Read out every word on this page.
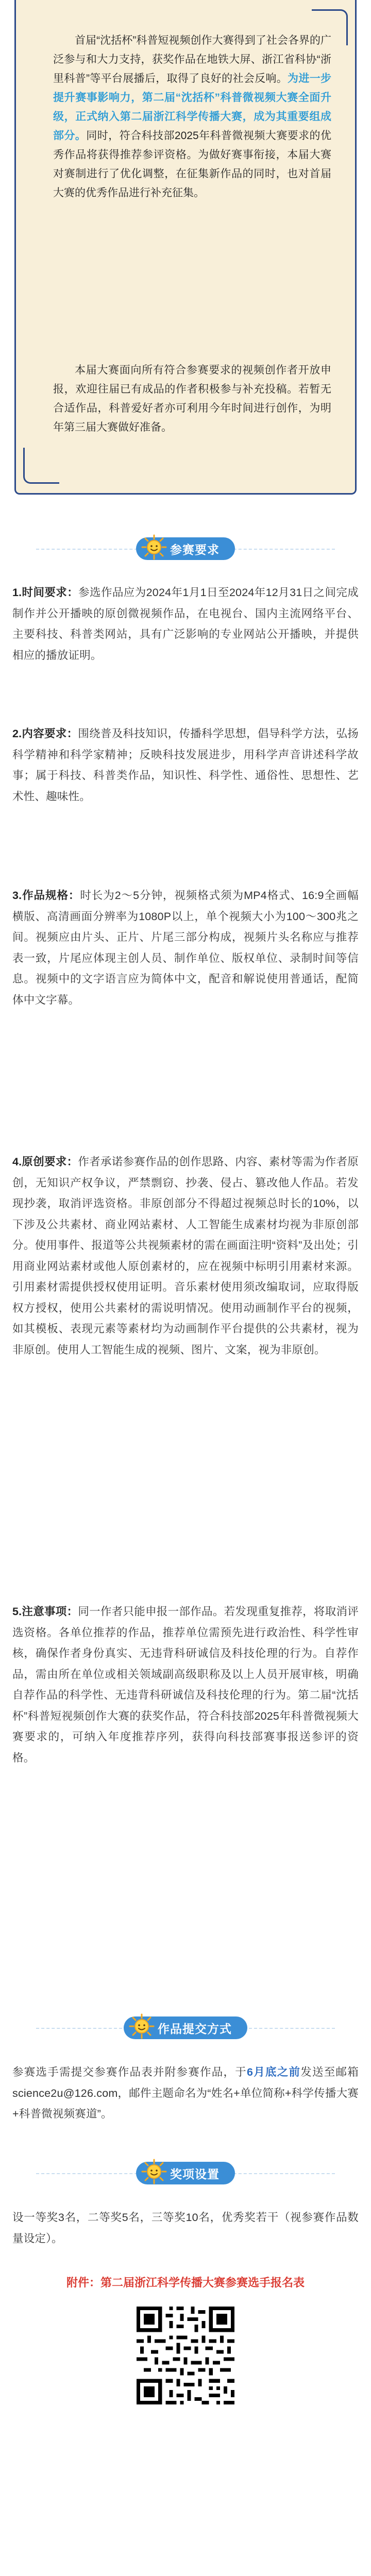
首届“沈括杯”科普短视频创作大赛得到了社会各界的广泛参与和大力支持，获奖作品在地铁大屏、浙江省科协“浙里科普”等平台展播后，取得了良好的社会反响。为进一步提升赛事影响力，第二届“沈括杯”科普微视频大赛全面升级，正式纳入第二届浙江科学传播大赛，成为其重要组成部分。同时，符合科技部2025年科普微视频大赛要求的优秀作品将获得推荐参评资格。为做好赛事衔接，本届大赛对赛制进行了优化调整，在征集新作品的同时，也对首届大赛的优秀作品进行补充征集。

本届大赛面向所有符合参赛要求的视频创作者开放申报，欢迎往届已有成品的作者积极参与补充投稿。若暂无合适作品，科普爱好者亦可利用今年时间进行创作，为明年第三届大赛做好准备。

参赛要求

1.时间要求：参选作品应为2024年1月1日至2024年12月31日之间完成制作并公开播映的原创微视频作品，在电视台、国内主流网络平台、主要科技、科普类网站，具有广泛影响的专业网站公开播映，并提供相应的播放证明。

2.内容要求：围绕普及科技知识，传播科学思想，倡导科学方法，弘扬科学精神和科学家精神；反映科技发展进步，用科学声音讲述科学故事；属于科技、科普类作品，知识性、科学性、通俗性、思想性、艺术性、趣味性。

3.作品规格：时长为2～5分钟，视频格式须为MP4格式、16:9全画幅横版、高清画面分辨率为1080P以上，单个视频大小为100～300兆之间。视频应由片头、正片、片尾三部分构成，视频片头名称应与推荐表一致，片尾应体现主创人员、制作单位、版权单位、录制时间等信息。视频中的文字语言应为简体中文，配音和解说使用普通话，配简体中文字幕。

4.原创要求：作者承诺参赛作品的创作思路、内容、素材等需为作者原创，无知识产权争议，严禁剽窃、抄袭、侵占、篡改他人作品。若发现抄袭，取消评选资格。非原创部分不得超过视频总时长的10%，以下涉及公共素材、商业网站素材、人工智能生成素材均视为非原创部分。使用事件、报道等公共视频素材的需在画面注明“资料”及出处；引用商业网站素材或他人原创素材的，应在视频中标明引用素材来源。引用素材需提供授权使用证明。音乐素材使用须改编取词，应取得版权方授权，使用公共素材的需说明情况。使用动画制作平台的视频，如其模板、表现元素等素材均为动画制作平台提供的公共素材，视为非原创。使用人工智能生成的视频、图片、文案，视为非原创。

5.注意事项：同一作者只能申报一部作品。若发现重复推荐，将取消评选资格。各单位推荐的作品，推荐单位需预先进行政治性、科学性审核，确保作者身份真实、无违背科研诚信及科技伦理的行为。自荐作品，需由所在单位或相关领域副高级职称及以上人员开展审核，明确自荐作品的科学性、无违背科研诚信及科技伦理的行为。第二届“沈括杯”科普短视频创作大赛的获奖作品，符合科技部2025年科普微视频大赛要求的，可纳入年度推荐序列，获得向科技部赛事报送参评的资格。

作品提交方式

参赛选手需提交参赛作品表并附参赛作品，于6月底之前发送至邮箱science2u@126.com，邮件主题命名为“姓名+单位简称+科学传播大赛+科普微视频赛道”。

奖项设置

设一等奖3名，二等奖5名，三等奖10名，优秀奖若干（视参赛作品数量设定）。

附件：第二届浙江科学传播大赛参赛选手报名表
